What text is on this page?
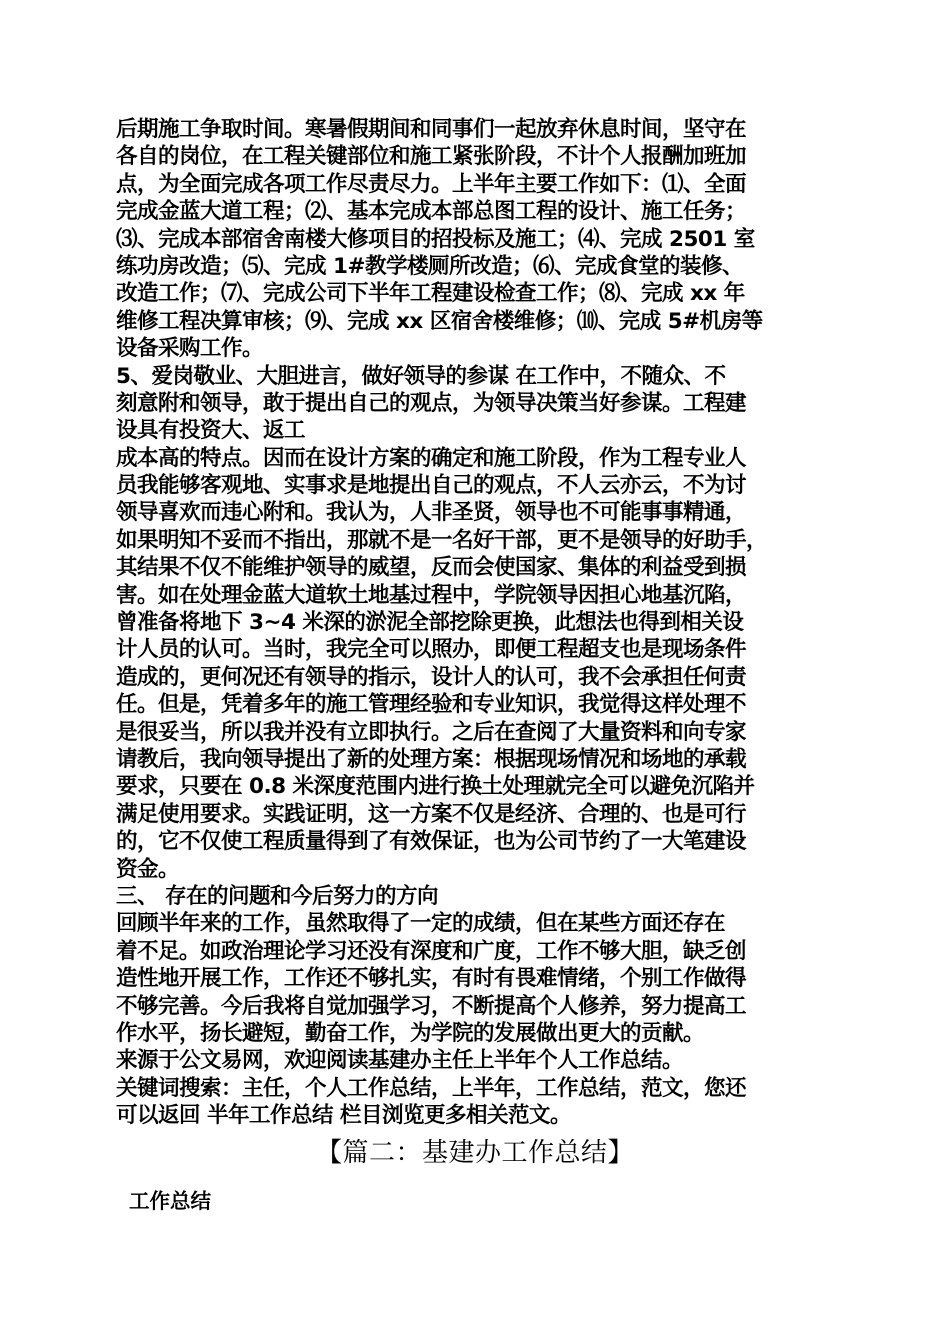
后期施工争取时间。寒暑假期间和同事们一起放弃休息时间，坚守在
各自的岗位，在工程关键部位和施工紧张阶段，不计个人报酬加班加
点，为全面完成各项工作尽责尽力。上半年主要工作如下：⑴、全面
完成金蓝大道工程；⑵、基本完成本部总图工程的设计、施工任务；
⑶、完成本部宿舍南楼大修项目的招投标及施工；⑷、完成 2501 室
练功房改造；⑸、完成 1#教学楼厕所改造；⑹、完成食堂的装修、
改造工作；⑺、完成公司下半年工程建设检查工作；⑻、完成 xx 年
维修工程决算审核；⑼、完成 xx 区宿舍楼维修；⑽、完成 5#机房等
设备采购工作。
5、爱岗敬业、大胆进言，做好领导的参谋 在工作中，不随众、不
刻意附和领导，敢于提出自己的观点，为领导决策当好参谋。工程建
设具有投资大、返工
成本高的特点。因而在设计方案的确定和施工阶段，作为工程专业人
员我能够客观地、实事求是地提出自己的观点，不人云亦云，不为讨
领导喜欢而违心附和。我认为，人非圣贤，领导也不可能事事精通，
如果明知不妥而不指出，那就不是一名好干部，更不是领导的好助手，
其结果不仅不能维护领导的威望，反而会使国家、集体的利益受到损
害。如在处理金蓝大道软土地基过程中，学院领导因担心地基沉陷，
曾准备将地下 3~4 米深的淤泥全部挖除更换，此想法也得到相关设
计人员的认可。当时，我完全可以照办，即便工程超支也是现场条件
造成的，更何况还有领导的指示，设计人的认可，我不会承担任何责
任。但是，凭着多年的施工管理经验和专业知识，我觉得这样处理不
是很妥当，所以我并没有立即执行。之后在查阅了大量资料和向专家
请教后，我向领导提出了新的处理方案：根据现场情况和场地的承载
要求，只要在 0.8 米深度范围内进行换土处理就完全可以避免沉陷并
满足使用要求。实践证明，这一方案不仅是经济、合理的、也是可行
的，它不仅使工程质量得到了有效保证，也为公司节约了一大笔建设
资金。
三、 存在的问题和今后努力的方向
回顾半年来的工作，虽然取得了一定的成绩，但在某些方面还存在
着不足。如政治理论学习还没有深度和广度，工作不够大胆，缺乏创
造性地开展工作，工作还不够扎实，有时有畏难情绪，个别工作做得
不够完善。今后我将自觉加强学习，不断提高个人修养，努力提高工
作水平，扬长避短，勤奋工作，为学院的发展做出更大的贡献。
来源于公文易网，欢迎阅读基建办主任上半年个人工作总结。
关键词搜索：主任，个人工作总结，上半年，工作总结，范文，您还
可以返回 半年工作总结 栏目浏览更多相关范文。
【篇二：基建办工作总结】
工作总结
